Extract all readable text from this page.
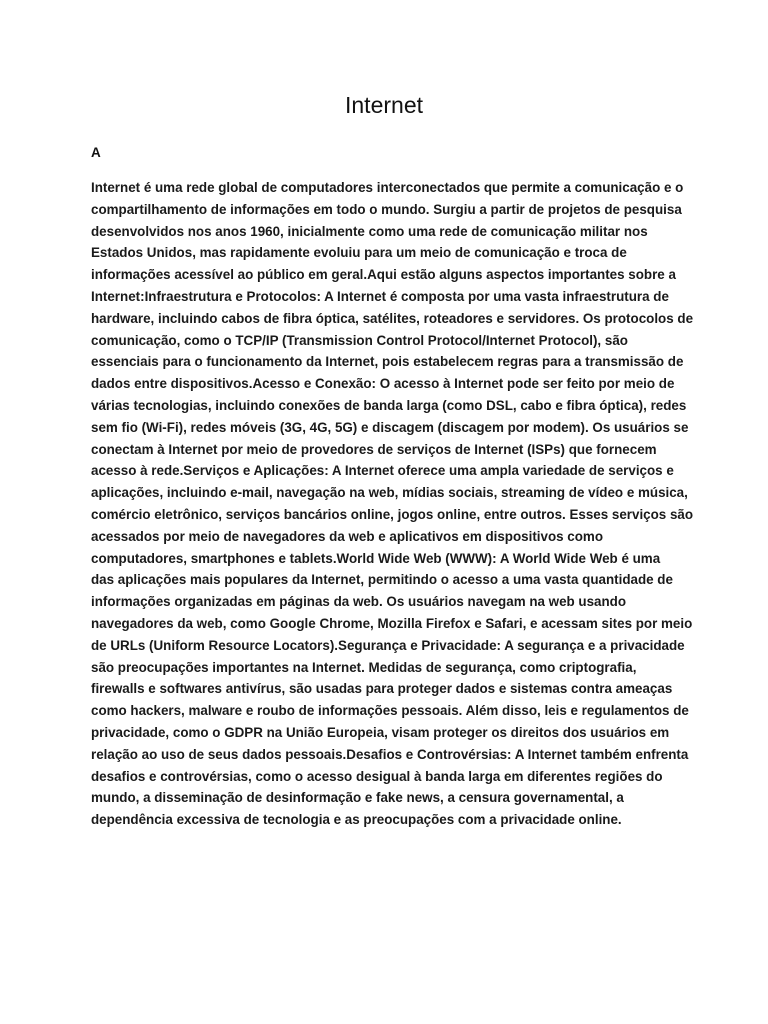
Internet

A

Internet é uma rede global de computadores interconectados que permite a comunicação e o
compartilhamento de informações em todo o mundo. Surgiu a partir de projetos de pesquisa
desenvolvidos nos anos 1960, inicialmente como uma rede de comunicação militar nos
Estados Unidos, mas rapidamente evoluiu para um meio de comunicação e troca de
informações acessível ao público em geral.Aqui estão alguns aspectos importantes sobre a
Internet:Infraestrutura e Protocolos: A Internet é composta por uma vasta infraestrutura de
hardware, incluindo cabos de fibra óptica, satélites, roteadores e servidores. Os protocolos de
comunicação, como o TCP/IP (Transmission Control Protocol/Internet Protocol), são
essenciais para o funcionamento da Internet, pois estabelecem regras para a transmissão de
dados entre dispositivos.Acesso e Conexão: O acesso à Internet pode ser feito por meio de
várias tecnologias, incluindo conexões de banda larga (como DSL, cabo e fibra óptica), redes
sem fio (Wi-Fi), redes móveis (3G, 4G, 5G) e discagem (discagem por modem). Os usuários se
conectam à Internet por meio de provedores de serviços de Internet (ISPs) que fornecem
acesso à rede.Serviços e Aplicações: A Internet oferece uma ampla variedade de serviços e
aplicações, incluindo e-mail, navegação na web, mídias sociais, streaming de vídeo e música,
comércio eletrônico, serviços bancários online, jogos online, entre outros. Esses serviços são
acessados por meio de navegadores da web e aplicativos em dispositivos como
computadores, smartphones e tablets.World Wide Web (WWW): A World Wide Web é uma
das aplicações mais populares da Internet, permitindo o acesso a uma vasta quantidade de
informações organizadas em páginas da web. Os usuários navegam na web usando
navegadores da web, como Google Chrome, Mozilla Firefox e Safari, e acessam sites por meio
de URLs (Uniform Resource Locators).Segurança e Privacidade: A segurança e a privacidade
são preocupações importantes na Internet. Medidas de segurança, como criptografia,
firewalls e softwares antivírus, são usadas para proteger dados e sistemas contra ameaças
como hackers, malware e roubo de informações pessoais. Além disso, leis e regulamentos de
privacidade, como o GDPR na União Europeia, visam proteger os direitos dos usuários em
relação ao uso de seus dados pessoais.Desafios e Controvérsias: A Internet também enfrenta
desafios e controvérsias, como o acesso desigual à banda larga em diferentes regiões do
mundo, a disseminação de desinformação e fake news, a censura governamental, a
dependência excessiva de tecnologia e as preocupações com a privacidade online.
